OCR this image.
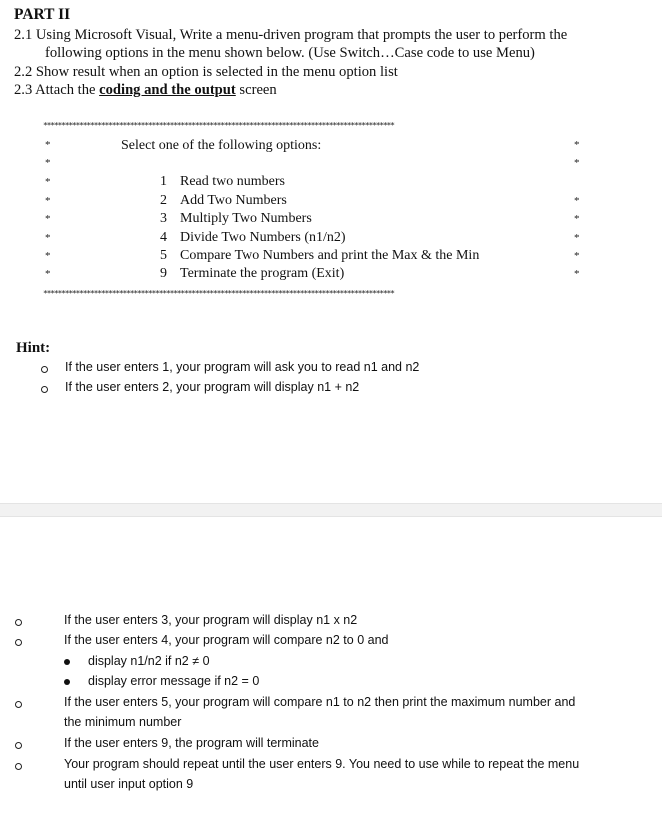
PART II
2.1 Using Microsoft Visual, Write a menu-driven program that prompts the user to perform the
following options in the menu shown below. (Use Switch…Case code to use Menu)
2.2 Show result when an option is selected in the menu option list
2.3 Attach the coding and the output screen
*************************************************************************************************
*
*
*
*
*
*
*
*
*
*
*
*
*
*
*
Select one of the following options:
1 Read two numbers
2 Add Two Numbers
3 Multiply Two Numbers
4 Divide Two Numbers (n1/n2)
5 Compare Two Numbers and print the Max & the Min
9 Terminate the program (Exit)
*************************************************************************************************
Hint:
If the user enters 1, your program will ask you to read n1 and n2
If the user enters 2, your program will display n1 + n2
If the user enters 3, your program will display n1 x n2
If the user enters 4, your program will compare n2 to 0 and
display n1/n2 if n2 ≠ 0
display error message if n2 = 0
If the user enters 5, your program will compare n1 to n2 then print the maximum number and
the minimum number
If the user enters 9, the program will terminate
Your program should repeat until the user enters 9. You need to use while to repeat the menu
until user input option 9
